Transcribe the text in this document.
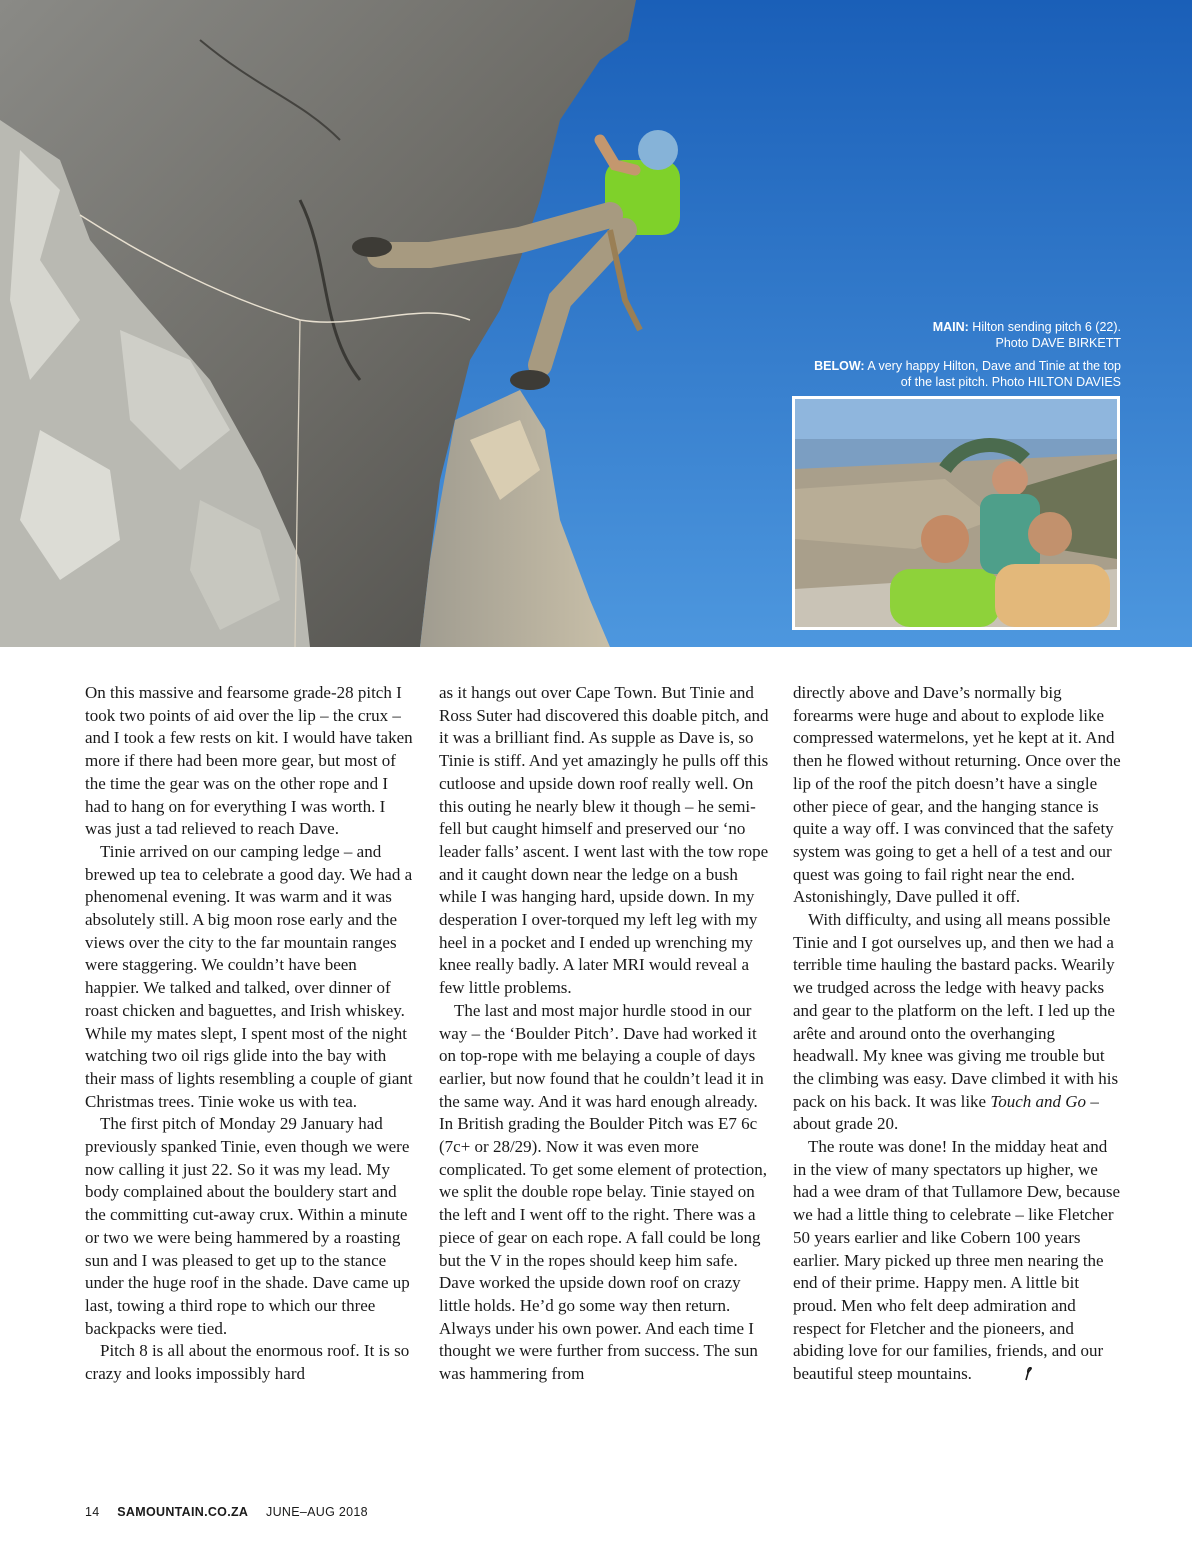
MAIN: Hilton sending pitch 6 (22).
Photo DAVE BIRKETT

BELOW: A very happy Hilton, Dave and Tinie at the top
of the last pitch. Photo HILTON DAVIES

On this massive and fearsome grade-28 pitch I took two points of aid over the lip – the crux – and I took a few rests on kit. I would have taken more if there had been more gear, but most of the time the gear was on the other rope and I had to hang on for everything I was worth. I was just a tad relieved to reach Dave.

Tinie arrived on our camping ledge – and brewed up tea to celebrate a good day. We had a phenomenal evening. It was warm and it was absolutely still. A big moon rose early and the views over the city to the far mountain ranges were staggering. We couldn’t have been happier. We talked and talked, over dinner of roast chicken and baguettes, and Irish whiskey. While my mates slept, I spent most of the night watching two oil rigs glide into the bay with their mass of lights resembling a couple of giant Christmas trees. Tinie woke us with tea.

The first pitch of Monday 29 January had previously spanked Tinie, even though we were now calling it just 22. So it was my lead. My body complained about the bouldery start and the committing cut-away crux. Within a minute or two we were being hammered by a roasting sun and I was pleased to get up to the stance under the huge roof in the shade. Dave came up last, towing a third rope to which our three backpacks were tied.

Pitch 8 is all about the enormous roof. It is so crazy and looks impossibly hard

as it hangs out over Cape Town. But Tinie and Ross Suter had discovered this doable pitch, and it was a brilliant find. As supple as Dave is, so Tinie is stiff. And yet amazingly he pulls off this cutloose and upside down roof really well. On this outing he nearly blew it though – he semi-fell but caught himself and preserved our ‘no leader falls’ ascent. I went last with the tow rope and it caught down near the ledge on a bush while I was hanging hard, upside down. In my desperation I over-torqued my left leg with my heel in a pocket and I ended up wrenching my knee really badly. A later MRI would reveal a few little problems.

The last and most major hurdle stood in our way – the ‘Boulder Pitch’. Dave had worked it on top-rope with me belaying a couple of days earlier, but now found that he couldn’t lead it in the same way. And it was hard enough already. In British grading the Boulder Pitch was E7 6c (7c+ or 28/29). Now it was even more complicated. To get some element of protection, we split the double rope belay. Tinie stayed on the left and I went off to the right. There was a piece of gear on each rope. A fall could be long but the V in the ropes should keep him safe. Dave worked the upside down roof on crazy little holds. He’d go some way then return. Always under his own power. And each time I thought we were further from success. The sun was hammering from

directly above and Dave’s normally big forearms were huge and about to explode like compressed watermelons, yet he kept at it. And then he flowed without returning. Once over the lip of the roof the pitch doesn’t have a single other piece of gear, and the hanging stance is quite a way off. I was convinced that the safety system was going to get a hell of a test and our quest was going to fail right near the end. Astonishingly, Dave pulled it off.

With difficulty, and using all means possible Tinie and I got ourselves up, and then we had a terrible time hauling the bastard packs. Wearily we trudged across the ledge with heavy packs and gear to the platform on the left. I led up the arête and around onto the overhanging headwall. My knee was giving me trouble but the climbing was easy. Dave climbed it with his pack on his back. It was like Touch and Go – about grade 20.

The route was done! In the midday heat and in the view of many spectators up higher, we had a wee dram of that Tullamore Dew, because we had a little thing to celebrate – like Fletcher 50 years earlier and like Cobern 100 years earlier. Mary picked up three men nearing the end of their prime. Happy men. A little bit proud. Men who felt deep admiration and respect for Fletcher and the pioneers, and abiding love for our families, friends, and our beautiful steep mountains.

14 SAMOUNTAIN.CO.ZA JUNE–AUG 2018
